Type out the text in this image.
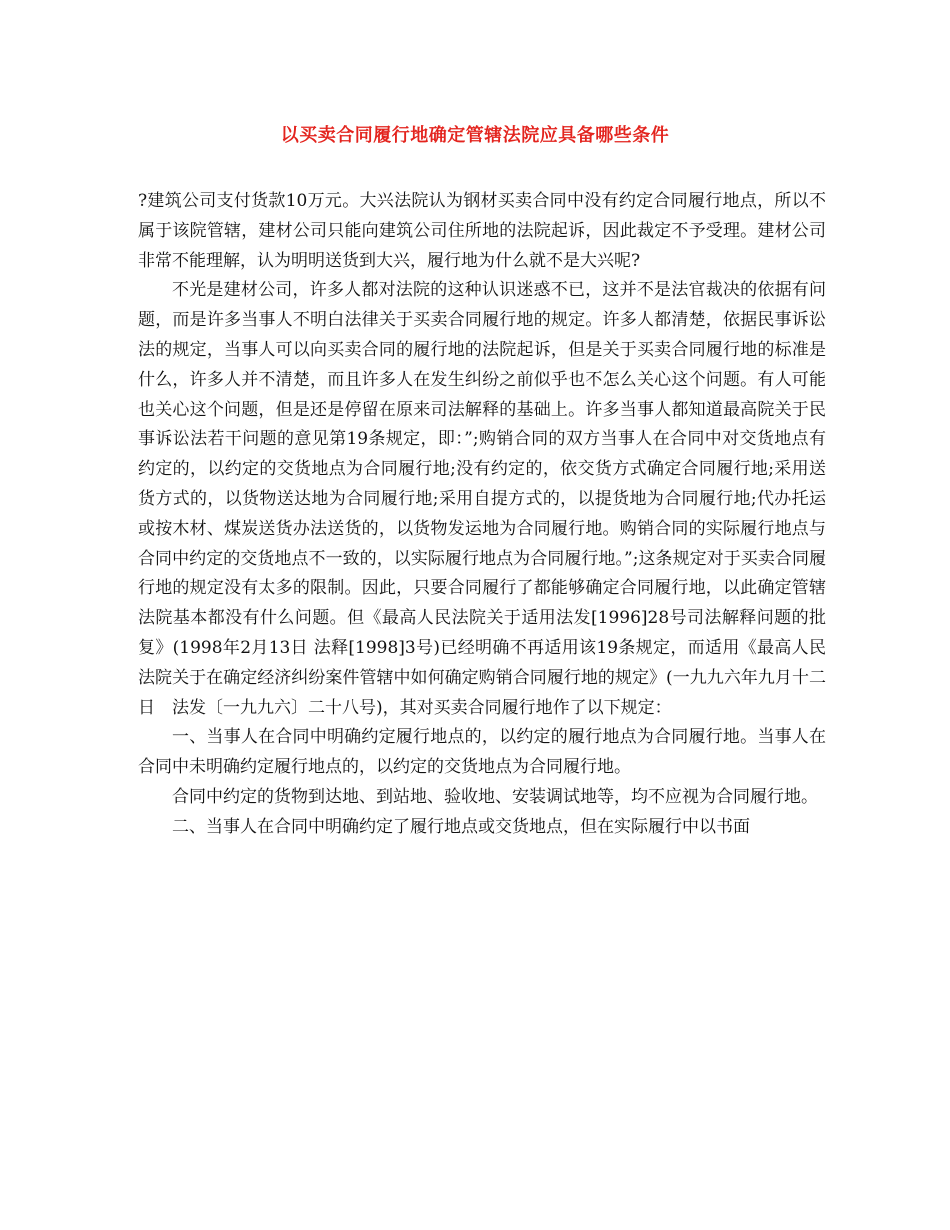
以买卖合同履行地确定管辖法院应具备哪些条件

?建筑公司支付货款10万元。大兴法院认为钢材买卖合同中没有约定合同履行地点，所以不属于该院管辖，建材公司只能向建筑公司住所地的法院起诉，因此裁定不予受理。建材公司非常不能理解，认为明明送货到大兴，履行地为什么就不是大兴呢?

不光是建材公司，许多人都对法院的这种认识迷惑不已，这并不是法官裁决的依据有问题，而是许多当事人不明白法律关于买卖合同履行地的规定。许多人都清楚，依据民事诉讼法的规定，当事人可以向买卖合同的履行地的法院起诉，但是关于买卖合同履行地的标准是什么，许多人并不清楚，而且许多人在发生纠纷之前似乎也不怎么关心这个问题。有人可能也关心这个问题，但是还是停留在原来司法解释的基础上。许多当事人都知道最高院关于民事诉讼法若干问题的意见第19条规定，即：”;购销合同的双方当事人在合同中对交货地点有约定的，以约定的交货地点为合同履行地;没有约定的，依交货方式确定合同履行地;采用送货方式的，以货物送达地为合同履行地;采用自提方式的，以提货地为合同履行地;代办托运或按木材、煤炭送货办法送货的，以货物发运地为合同履行地。购销合同的实际履行地点与合同中约定的交货地点不一致的，以实际履行地点为合同履行地。”;这条规定对于买卖合同履行地的规定没有太多的限制。因此，只要合同履行了都能够确定合同履行地，以此确定管辖法院基本都没有什么问题。但《最高人民法院关于适用法发[1996]28号司法解释问题的批复》(1998年2月13日 法释[1998]3号)已经明确不再适用该19条规定，而适用《最高人民法院关于在确定经济纠纷案件管辖中如何确定购销合同履行地的规定》(一九九六年九月十二日　法发〔一九九六〕二十八号)，其对买卖合同履行地作了以下规定：

一、当事人在合同中明确约定履行地点的，以约定的履行地点为合同履行地。当事人在合同中未明确约定履行地点的，以约定的交货地点为合同履行地。

合同中约定的货物到达地、到站地、验收地、安装调试地等，均不应视为合同履行地。

二、当事人在合同中明确约定了履行地点或交货地点，但在实际履行中以书面
